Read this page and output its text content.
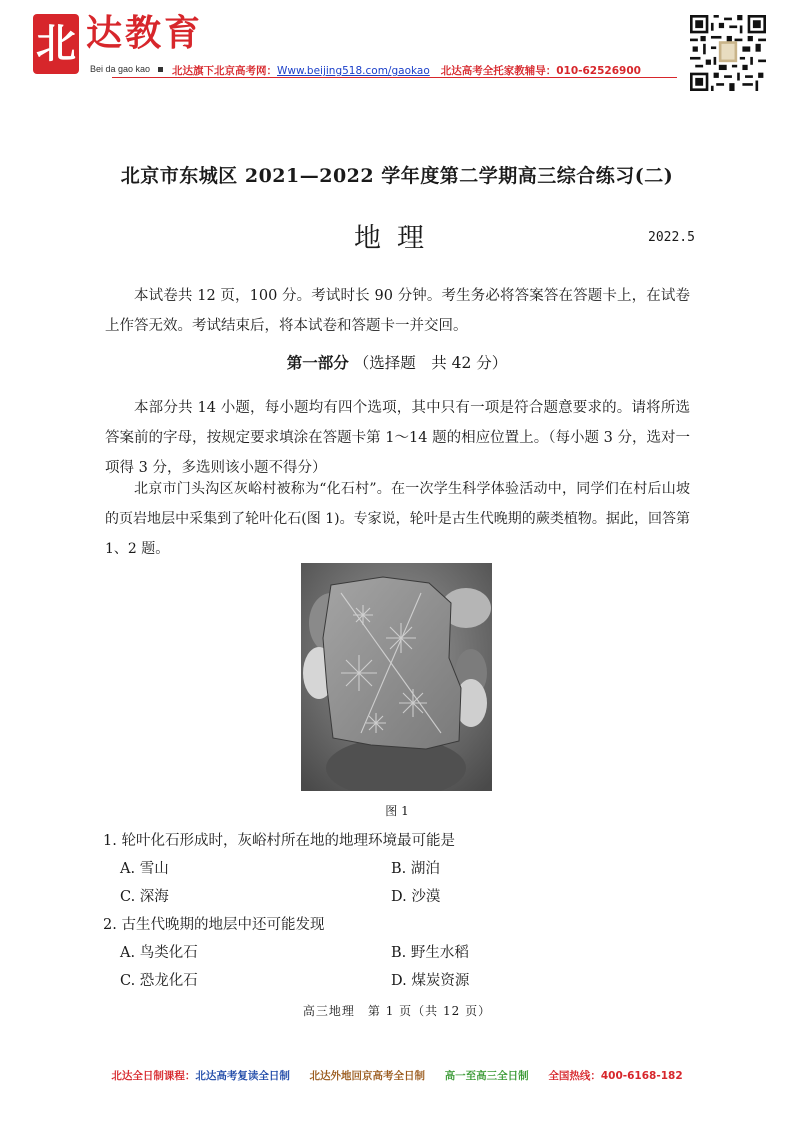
北 达教育
Bei da gao kao 北达旗下北京高考网：Www.beijing518.com/gaokao 北达高考全托家教辅导：010-62526900
北京市东城区 2021—2022 学年度第二学期高三综合练习(二)
地理	2022.5
本试卷共 12 页，100 分。考试时长 90 分钟。考生务必将答案答在答题卡上，在试卷上作答无效。考试结束后，将本试卷和答题卡一并交回。
第一部分 （选择题　共 42 分）
本部分共 14 小题，每小题均有四个选项，其中只有一项是符合题意要求的。请将所选答案前的字母，按规定要求填涂在答题卡第 1～14 题的相应位置上。（每小题 3 分，选对一项得 3 分，多选则该小题不得分）
北京市门头沟区灰峪村被称为“化石村”。在一次学生科学体验活动中，同学们在村后山坡的页岩地层中采集到了轮叶化石(图 1)。专家说，轮叶是古生代晚期的蕨类植物。据此，回答第 1、2 题。
图 1
1. 轮叶化石形成时，灰峪村所在地的地理环境最可能是
A. 雪山	B. 湖泊
C. 深海	D. 沙漠
2. 古生代晚期的地层中还可能发现
A. 鸟类化石	B. 野生水稻
C. 恐龙化石	D. 煤炭资源
高三地理　第 1 页（共 12 页）
北达全日制课程：北达高考复读全日制 北达外地回京高考全日制 高一至高三全日制 全国热线：400-6168-182
